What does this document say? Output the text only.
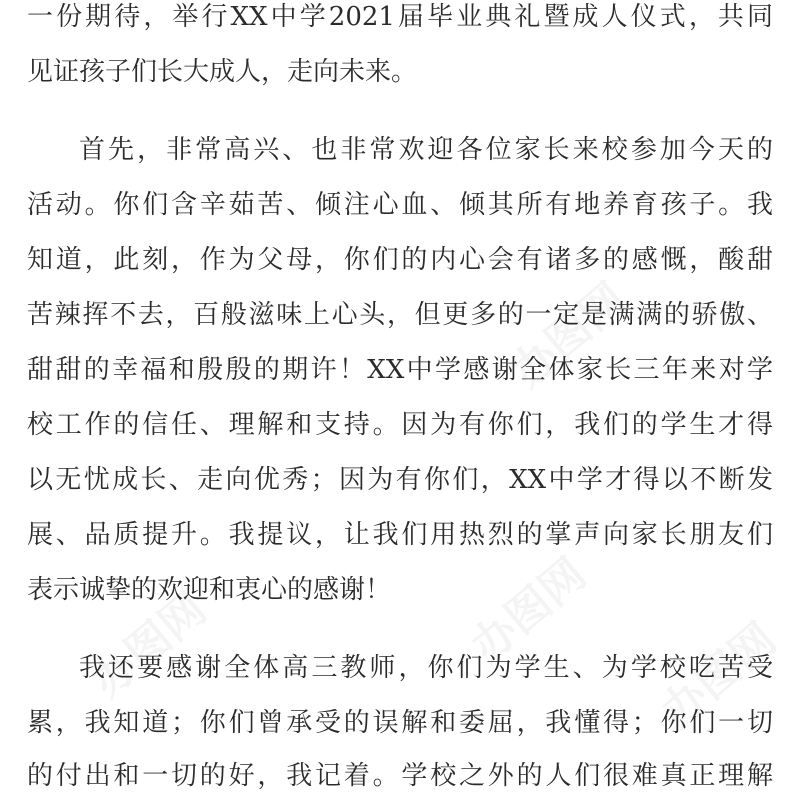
办图网
办图网	办图网
办图网
一份期待，举行XX中学2021届毕业典礼暨成人仪式，共同
见证孩子们长大成人，走向未来。
首先，非常高兴、也非常欢迎各位家长来校参加今天的
活动。你们含辛茹苦、倾注心血、倾其所有地养育孩子。我
知道，此刻，作为父母，你们的内心会有诸多的感慨，酸甜
苦辣挥不去，百般滋味上心头，但更多的一定是满满的骄傲、
甜甜的幸福和殷殷的期许！XX中学感谢全体家长三年来对学
校工作的信任、理解和支持。因为有你们，我们的学生才得
以无忧成长、走向优秀；因为有你们，XX中学才得以不断发
展、品质提升。我提议，让我们用热烈的掌声向家长朋友们
表示诚挚的欢迎和衷心的感谢！
我还要感谢全体高三教师，你们为学生、为学校吃苦受
累，我知道；你们曾承受的误解和委屈，我懂得；你们一切
的付出和一切的好，我记着。学校之外的人们很难真正理解
